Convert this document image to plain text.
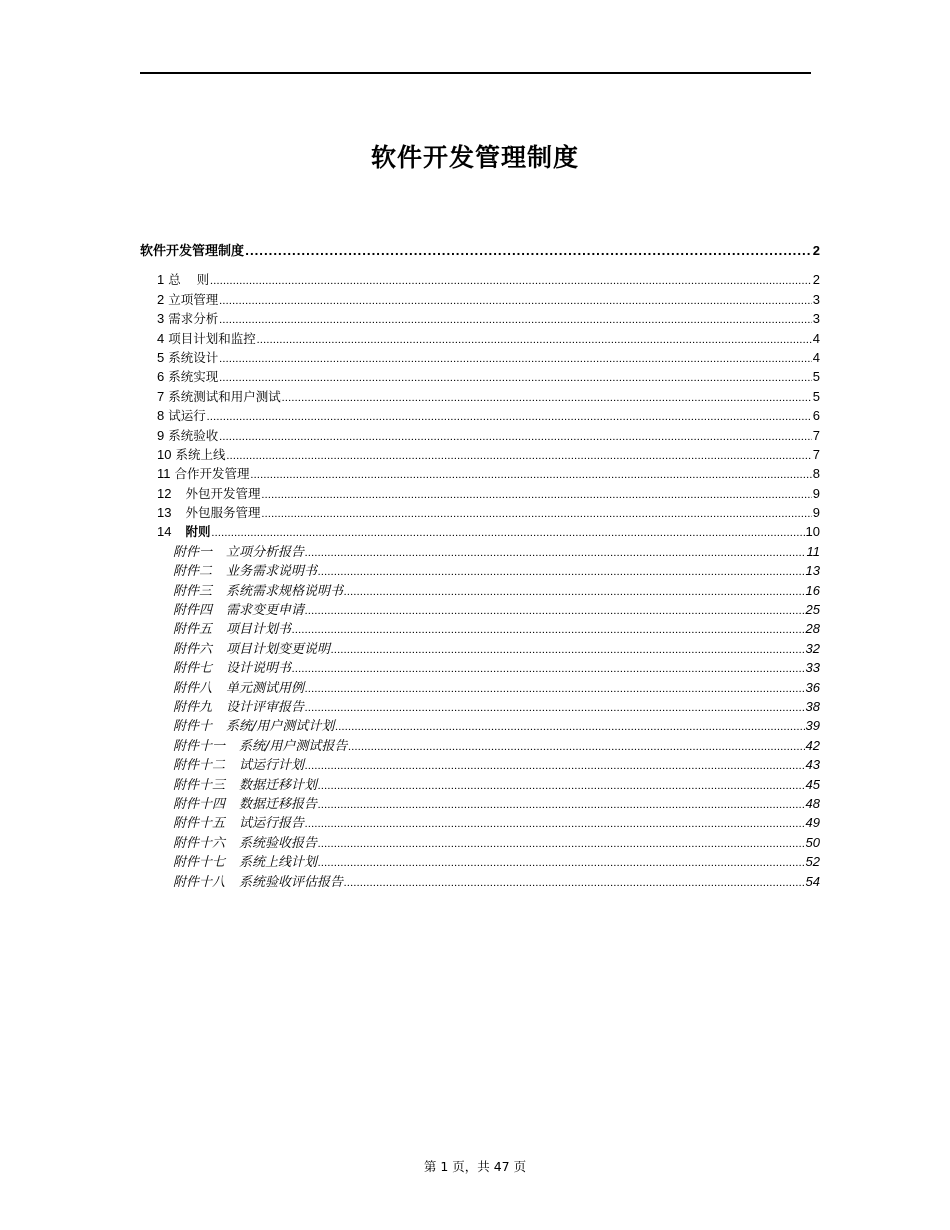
软件开发管理制度
软件开发管理制度 .....	2
1 总    则 .....	2
2 立项管理 .....	3
3 需求分析 .....	3
4 项目计划和监控 .....	4
5 系统设计 .....	4
6 系统实现 .....	5
7 系统测试和用户测试 .....	5
8 试运行 .....	6
9 系统验收 .....	7
10 系统上线 .....	7
11 合作开发管理 .....	8
12 外包开发管理 .....	9
13 外包服务管理 .....	9
14 附则 .....	10
附件一 立项分析报告 .....	11
附件二 业务需求说明书 .....	13
附件三 系统需求规格说明书 .....	16
附件四 需求变更申请 .....	25
附件五 项目计划书 .....	28
附件六 项目计划变更说明 .....	32
附件七 设计说明书 .....	33
附件八 单元测试用例 .....	36
附件九 设计评审报告 .....	38
附件十 系统/用户测试计划 .....	39
附件十一 系统/用户测试报告 .....	42
附件十二 试运行计划 .....	43
附件十三 数据迁移计划 .....	45
附件十四 数据迁移报告 .....	48
附件十五 试运行报告 .....	49
附件十六 系统验收报告 .....	50
附件十七 系统上线计划 .....	52
附件十八 系统验收评估报告 .....	54
第 1 页，共 47 页
